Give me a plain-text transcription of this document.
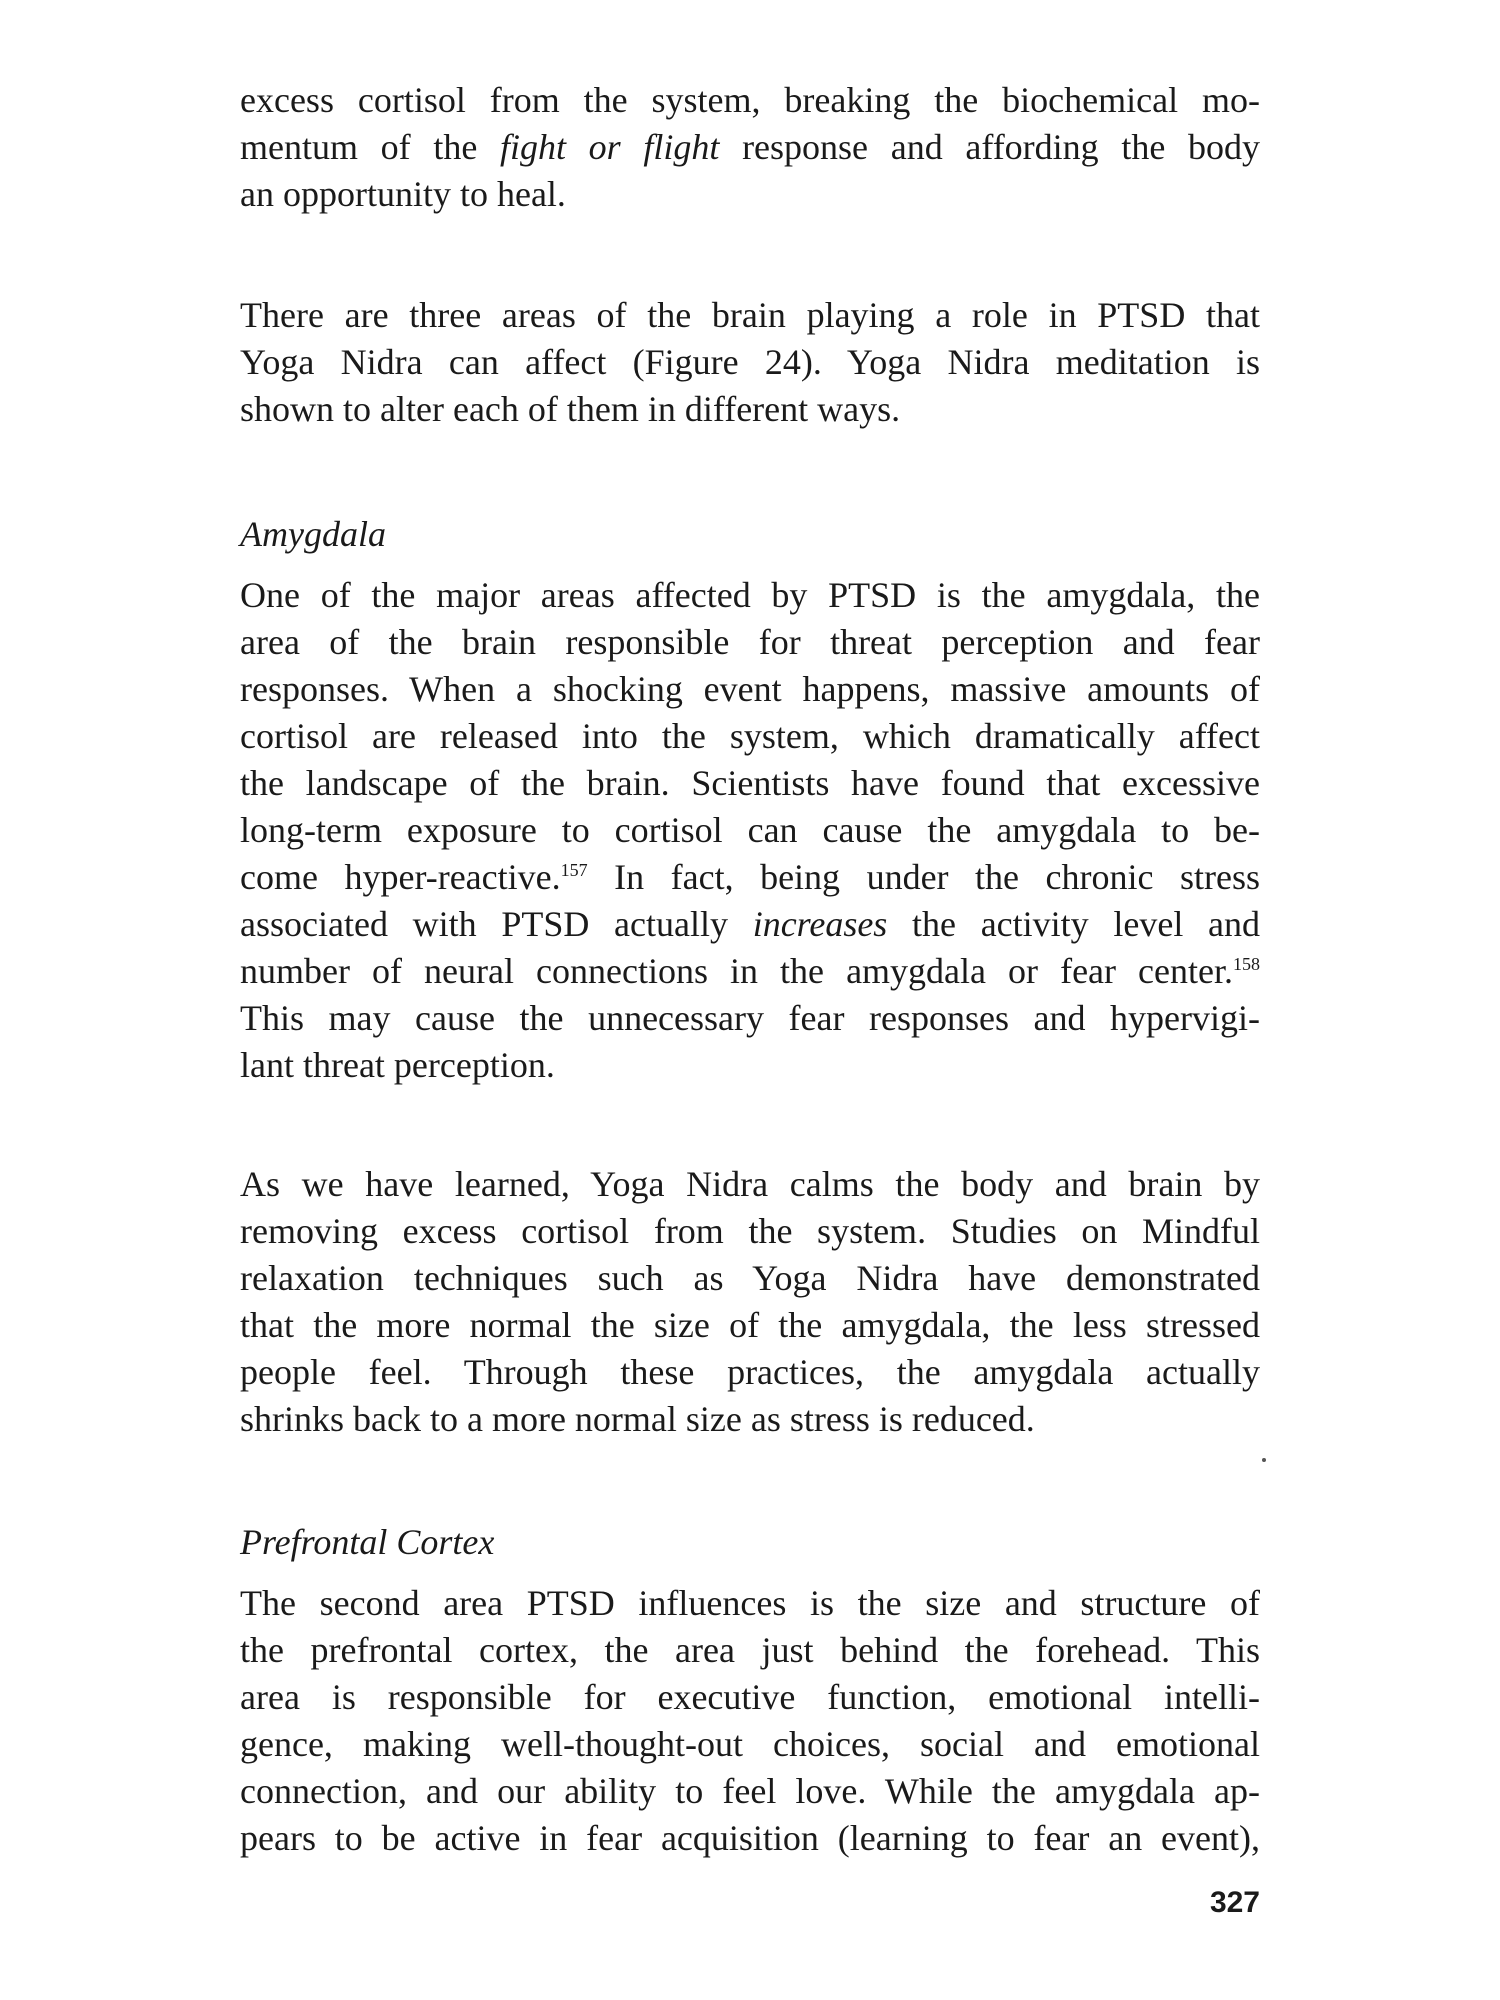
excess cortisol from the system, breaking the biochemical mo-
mentum of the fight or flight response and affording the body
an opportunity to heal.
There are three areas of the brain playing a role in PTSD that
Yoga Nidra can affect (Figure 24). Yoga Nidra meditation is
shown to alter each of them in different ways.
Amygdala
One of the major areas affected by PTSD is the amygdala, the
area of the brain responsible for threat perception and fear
responses. When a shocking event happens, massive amounts of
cortisol are released into the system, which dramatically affect
the landscape of the brain. Scientists have found that excessive
long-term exposure to cortisol can cause the amygdala to be-
come hyper-reactive.$^{157}$ In fact, being under the chronic stress
associated with PTSD actually increases the activity level and
number of neural connections in the amygdala or fear center.$^{158}$
This may cause the unnecessary fear responses and hypervigi-
lant threat perception.
As we have learned, Yoga Nidra calms the body and brain by
removing excess cortisol from the system. Studies on Mindful
relaxation techniques such as Yoga Nidra have demonstrated
that the more normal the size of the amygdala, the less stressed
people feel. Through these practices, the amygdala actually
shrinks back to a more normal size as stress is reduced.
Prefrontal Cortex
The second area PTSD influences is the size and structure of
the prefrontal cortex, the area just behind the forehead. This
area is responsible for executive function, emotional intelli-
gence, making well-thought-out choices, social and emotional
connection, and our ability to feel love. While the amygdala ap-
pears to be active in fear acquisition (learning to fear an event),
327
